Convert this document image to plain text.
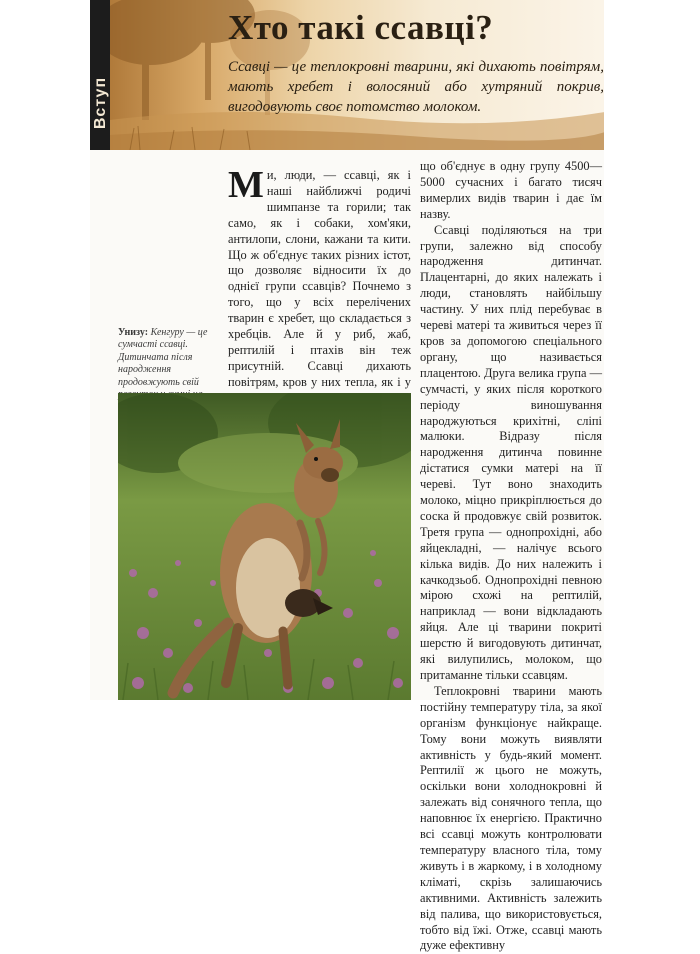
Вступ
Хто такі ссавці?
Ссавці — це теплокровні тварини, які дихають повітрям, мають хребет і волосяний або хутряний покрив, вигодовують своє потомство молоком.

Ми, люди, — ссавці, як і наші найближчі родичі шимпанзе та горили; так само, як і собаки, хом'яки, антилопи, слони, кажани та кити. Що ж об'єднує таких різних істот, що дозволяє відносити їх до однієї групи ссавців? Почнемо з того, що у всіх перелічених тварин є хребет, що складається з хребців. Але й у риб, жаб, рептилій і птахів він теж присутній. Ссавці дихають повітрям, кров у них тепла, як і у

Унизу: Кенгуру — це сумчасті ссавці. Дитинчата після народження продовжують свій

що об'єднує в одну групу 4500—5000 сучасних і багато тисяч вимерлих видів тварин і дає їм назву.

Ссавці поділяються на три групи, залежно від способу народження дитинчат. Плацентарні, до яких належать і люди, становлять найбільшу частину. У них плід перебуває в череві матері та живиться через її кров за допомогою спеціального органу, що називається плацентою. Друга велика група — сумчасті, у яких після короткого періоду виношування народжуються крихітні, сліпі малюки. Відразу після народження дитинча повинне дістатися сумки матері на її череві. Тут воно знаходить молоко, міцно прикріплюється до соска й продовжує свій розвиток. Третя група — однопрохідні, або яйцекладні, — налічує всього кілька видів. До них належить і качкодзьоб. Однопрохідні певною мірою схожі на рептилій, наприклад — вони відкладають яйця. Але ці тварини покриті шерстю й вигодовують дитинчат, які вилупились, молоком, що притаманне тільки ссавцям.

Теплокровні тварини мають постійну температуру тіла, за якої організм функціонує найкраще. Тому вони можуть виявляти активність у будь-який момент. Рептилії ж цього не можуть, оскільки вони холоднокровні й залежать від сонячного тепла, що наповнює їх енергією. Практично всі ссавці можуть контролювати температуру власного тіла, тому живуть і в жаркому, і в холодному кліматі, скрізь залишаючись активними. Активність залежить від палива, що використовується, тобто від їжі. Отже, ссавці мають дуже ефективну
